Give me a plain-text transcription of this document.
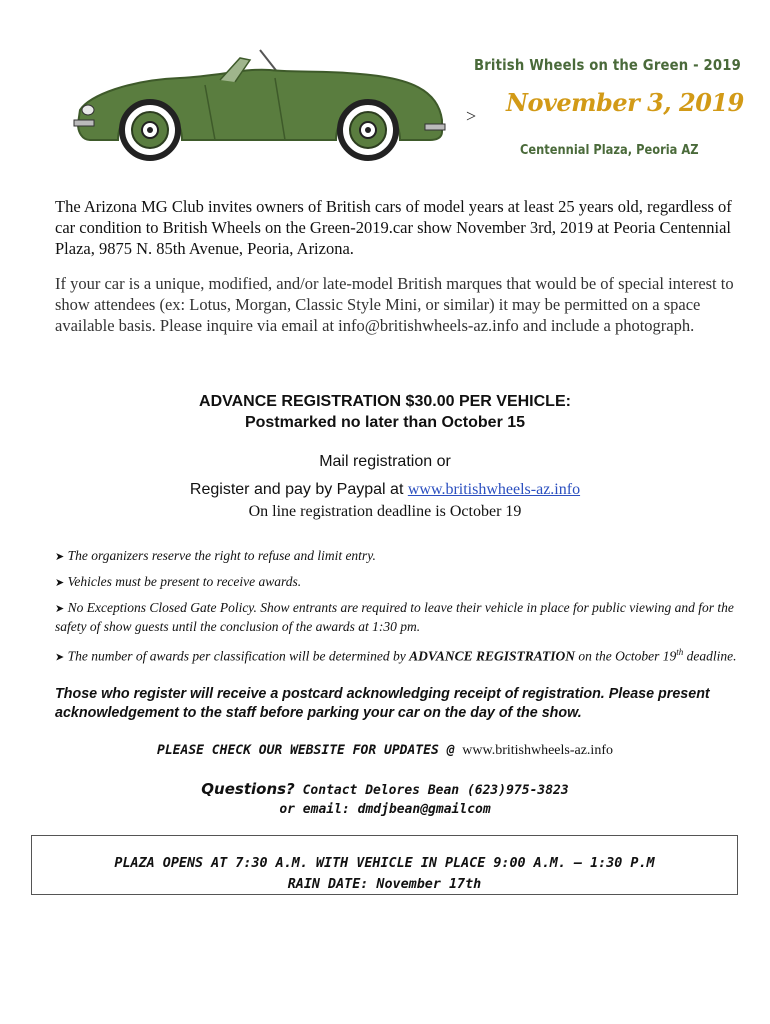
British Wheels on the Green - 2019
> November 3, 2019
Centennial Plaza, Peoria AZ
The Arizona MG Club invites owners of British cars of model years at least 25 years old, regardless of car condition to British Wheels on the Green-2019.car show November 3rd, 2019 at Peoria Centennial Plaza, 9875 N. 85th Avenue, Peoria, Arizona.
If your car is a unique, modified, and/or late-model British marques that would be of special interest to show attendees (ex: Lotus, Morgan, Classic Style Mini, or similar) it may be permitted on a space available basis. Please inquire via email at info@britishwheels-az.info and include a photograph.
ADVANCE REGISTRATION $30.00 PER VEHICLE:
Postmarked no later than October 15
Mail registration or
Register and pay by Paypal at www.britishwheels-az.info
On line registration deadline is October 19
➤ The organizers reserve the right to refuse and limit entry.
➤ Vehicles must be present to receive awards.
➤ No Exceptions Closed Gate Policy. Show entrants are required to leave their vehicle in place for public viewing and for the safety of show guests until the conclusion of the awards at 1:30 pm.
➤ The number of awards per classification will be determined by ADVANCE REGISTRATION on the October 19th deadline.
Those who register will receive a postcard acknowledging receipt of registration. Please present acknowledgement to the staff before parking your car on the day of the show.
PLEASE CHECK OUR WEBSITE FOR UPDATES @ www.britishwheels-az.info
Questions? Contact Delores Bean (623)975-3823
or email: dmdjbean@gmailcom
PLAZA OPENS AT 7:30 A.M. WITH VEHICLE IN PLACE 9:00 A.M. – 1:30 P.M
RAIN DATE: November 17th
